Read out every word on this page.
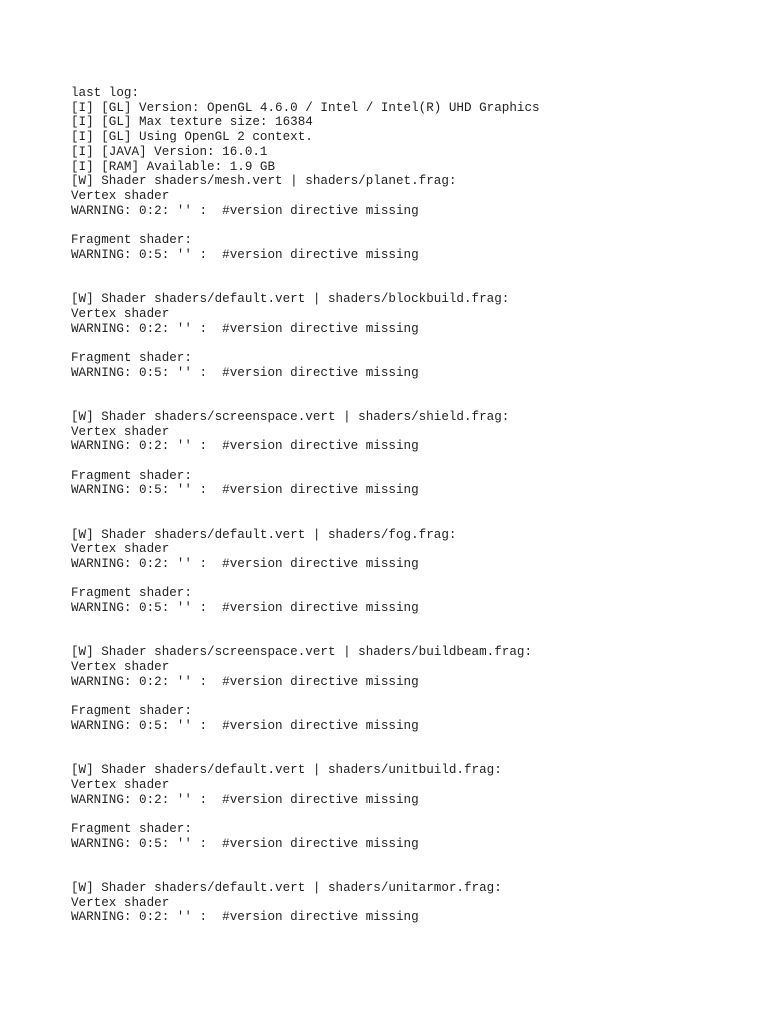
last log:
[I] [GL] Version: OpenGL 4.6.0 / Intel / Intel(R) UHD Graphics
[I] [GL] Max texture size: 16384
[I] [GL] Using OpenGL 2 context.
[I] [JAVA] Version: 16.0.1
[I] [RAM] Available: 1.9 GB
[W] Shader shaders/mesh.vert | shaders/planet.frag:
Vertex shader
WARNING: 0:2: '' :  #version directive missing
Fragment shader:
WARNING: 0:5: '' :  #version directive missing
[W] Shader shaders/default.vert | shaders/blockbuild.frag:
Vertex shader
WARNING: 0:2: '' :  #version directive missing
Fragment shader:
WARNING: 0:5: '' :  #version directive missing
[W] Shader shaders/screenspace.vert | shaders/shield.frag:
Vertex shader
WARNING: 0:2: '' :  #version directive missing
Fragment shader:
WARNING: 0:5: '' :  #version directive missing
[W] Shader shaders/default.vert | shaders/fog.frag:
Vertex shader
WARNING: 0:2: '' :  #version directive missing
Fragment shader:
WARNING: 0:5: '' :  #version directive missing
[W] Shader shaders/screenspace.vert | shaders/buildbeam.frag:
Vertex shader
WARNING: 0:2: '' :  #version directive missing
Fragment shader:
WARNING: 0:5: '' :  #version directive missing
[W] Shader shaders/default.vert | shaders/unitbuild.frag:
Vertex shader
WARNING: 0:2: '' :  #version directive missing
Fragment shader:
WARNING: 0:5: '' :  #version directive missing
[W] Shader shaders/default.vert | shaders/unitarmor.frag:
Vertex shader
WARNING: 0:2: '' :  #version directive missing
